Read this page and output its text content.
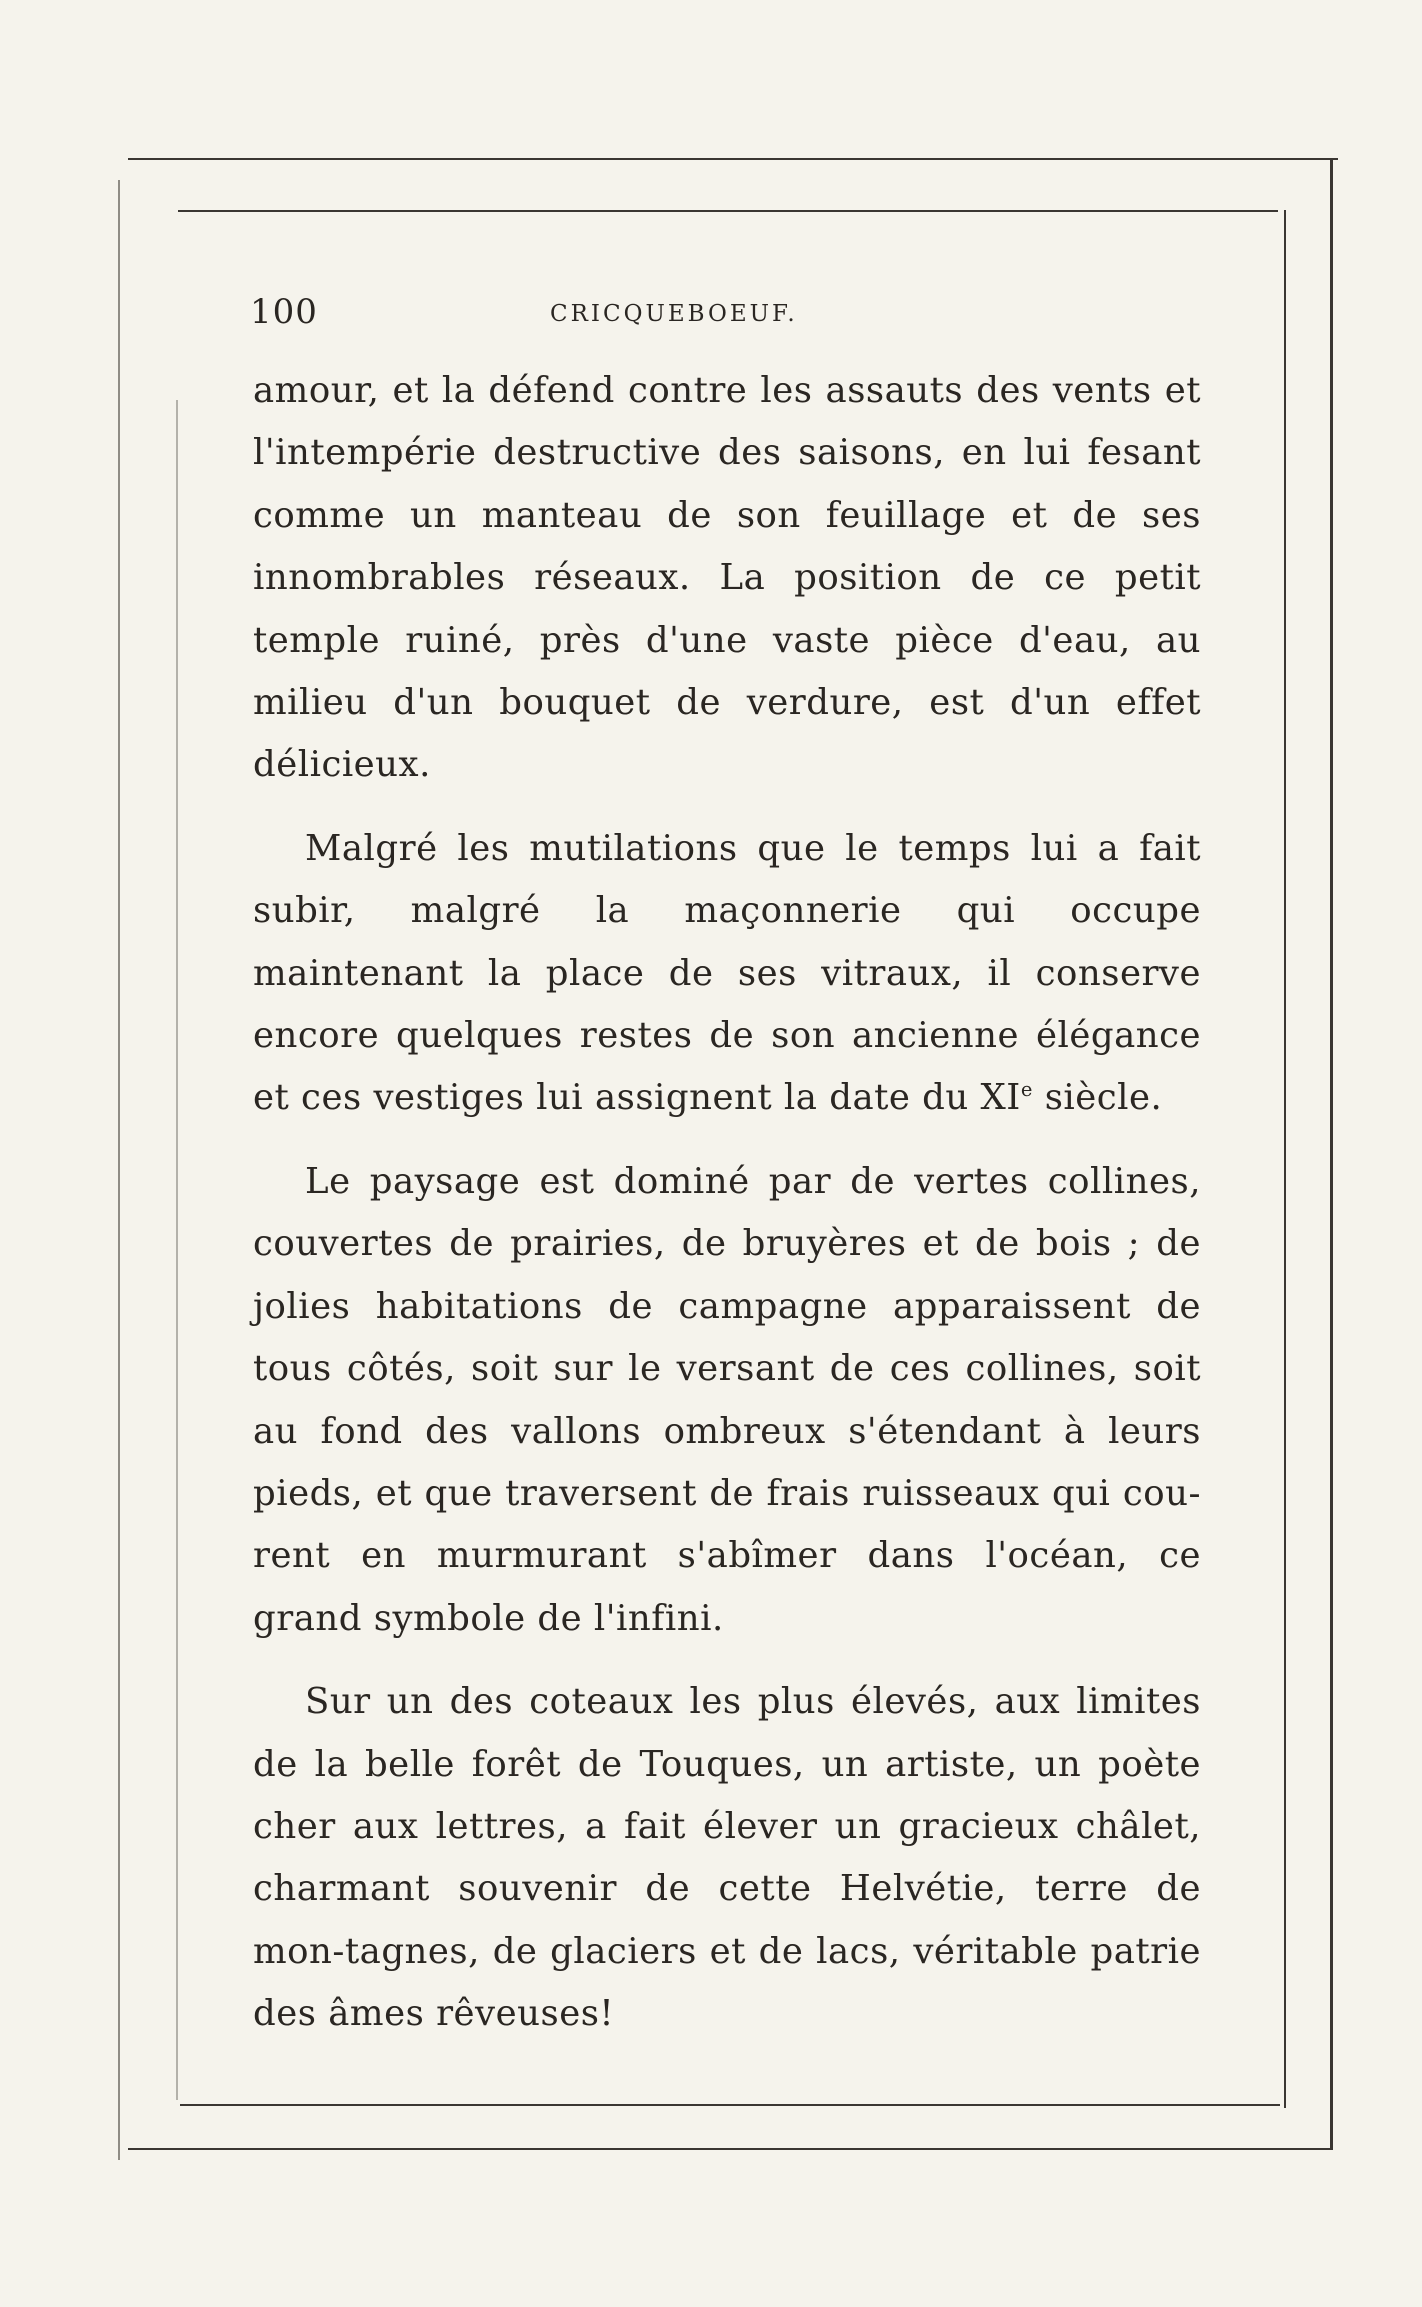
100	CRICQUEBOEUF.

amour, et la défend contre les assauts des vents et l'intempérie destructive des saisons, en lui fesant comme un manteau de son feuillage et de ses innombrables réseaux. La position de ce petit temple ruiné, près d'une vaste pièce d'eau, au milieu d'un bouquet de verdure, est d'un effet délicieux.

Malgré les mutilations que le temps lui a fait subir, malgré la maçonnerie qui occupe maintenant la place de ses vitraux, il conserve encore quelques restes de son ancienne élégance et ces vestiges lui assignent la date du XIe siècle.

Le paysage est dominé par de vertes collines, couvertes de prairies, de bruyères et de bois ; de jolies habitations de campagne apparaissent de tous côtés, soit sur le versant de ces collines, soit au fond des vallons ombreux s'étendant à leurs pieds, et que traversent de frais ruisseaux qui cou-rent en murmurant s'abîmer dans l'océan, ce grand symbole de l'infini.

Sur un des coteaux les plus élevés, aux limites de la belle forêt de Touques, un artiste, un poète cher aux lettres, a fait élever un gracieux châlet, charmant souvenir de cette Helvétie, terre de mon-tagnes, de glaciers et de lacs, véritable patrie des âmes rêveuses!
